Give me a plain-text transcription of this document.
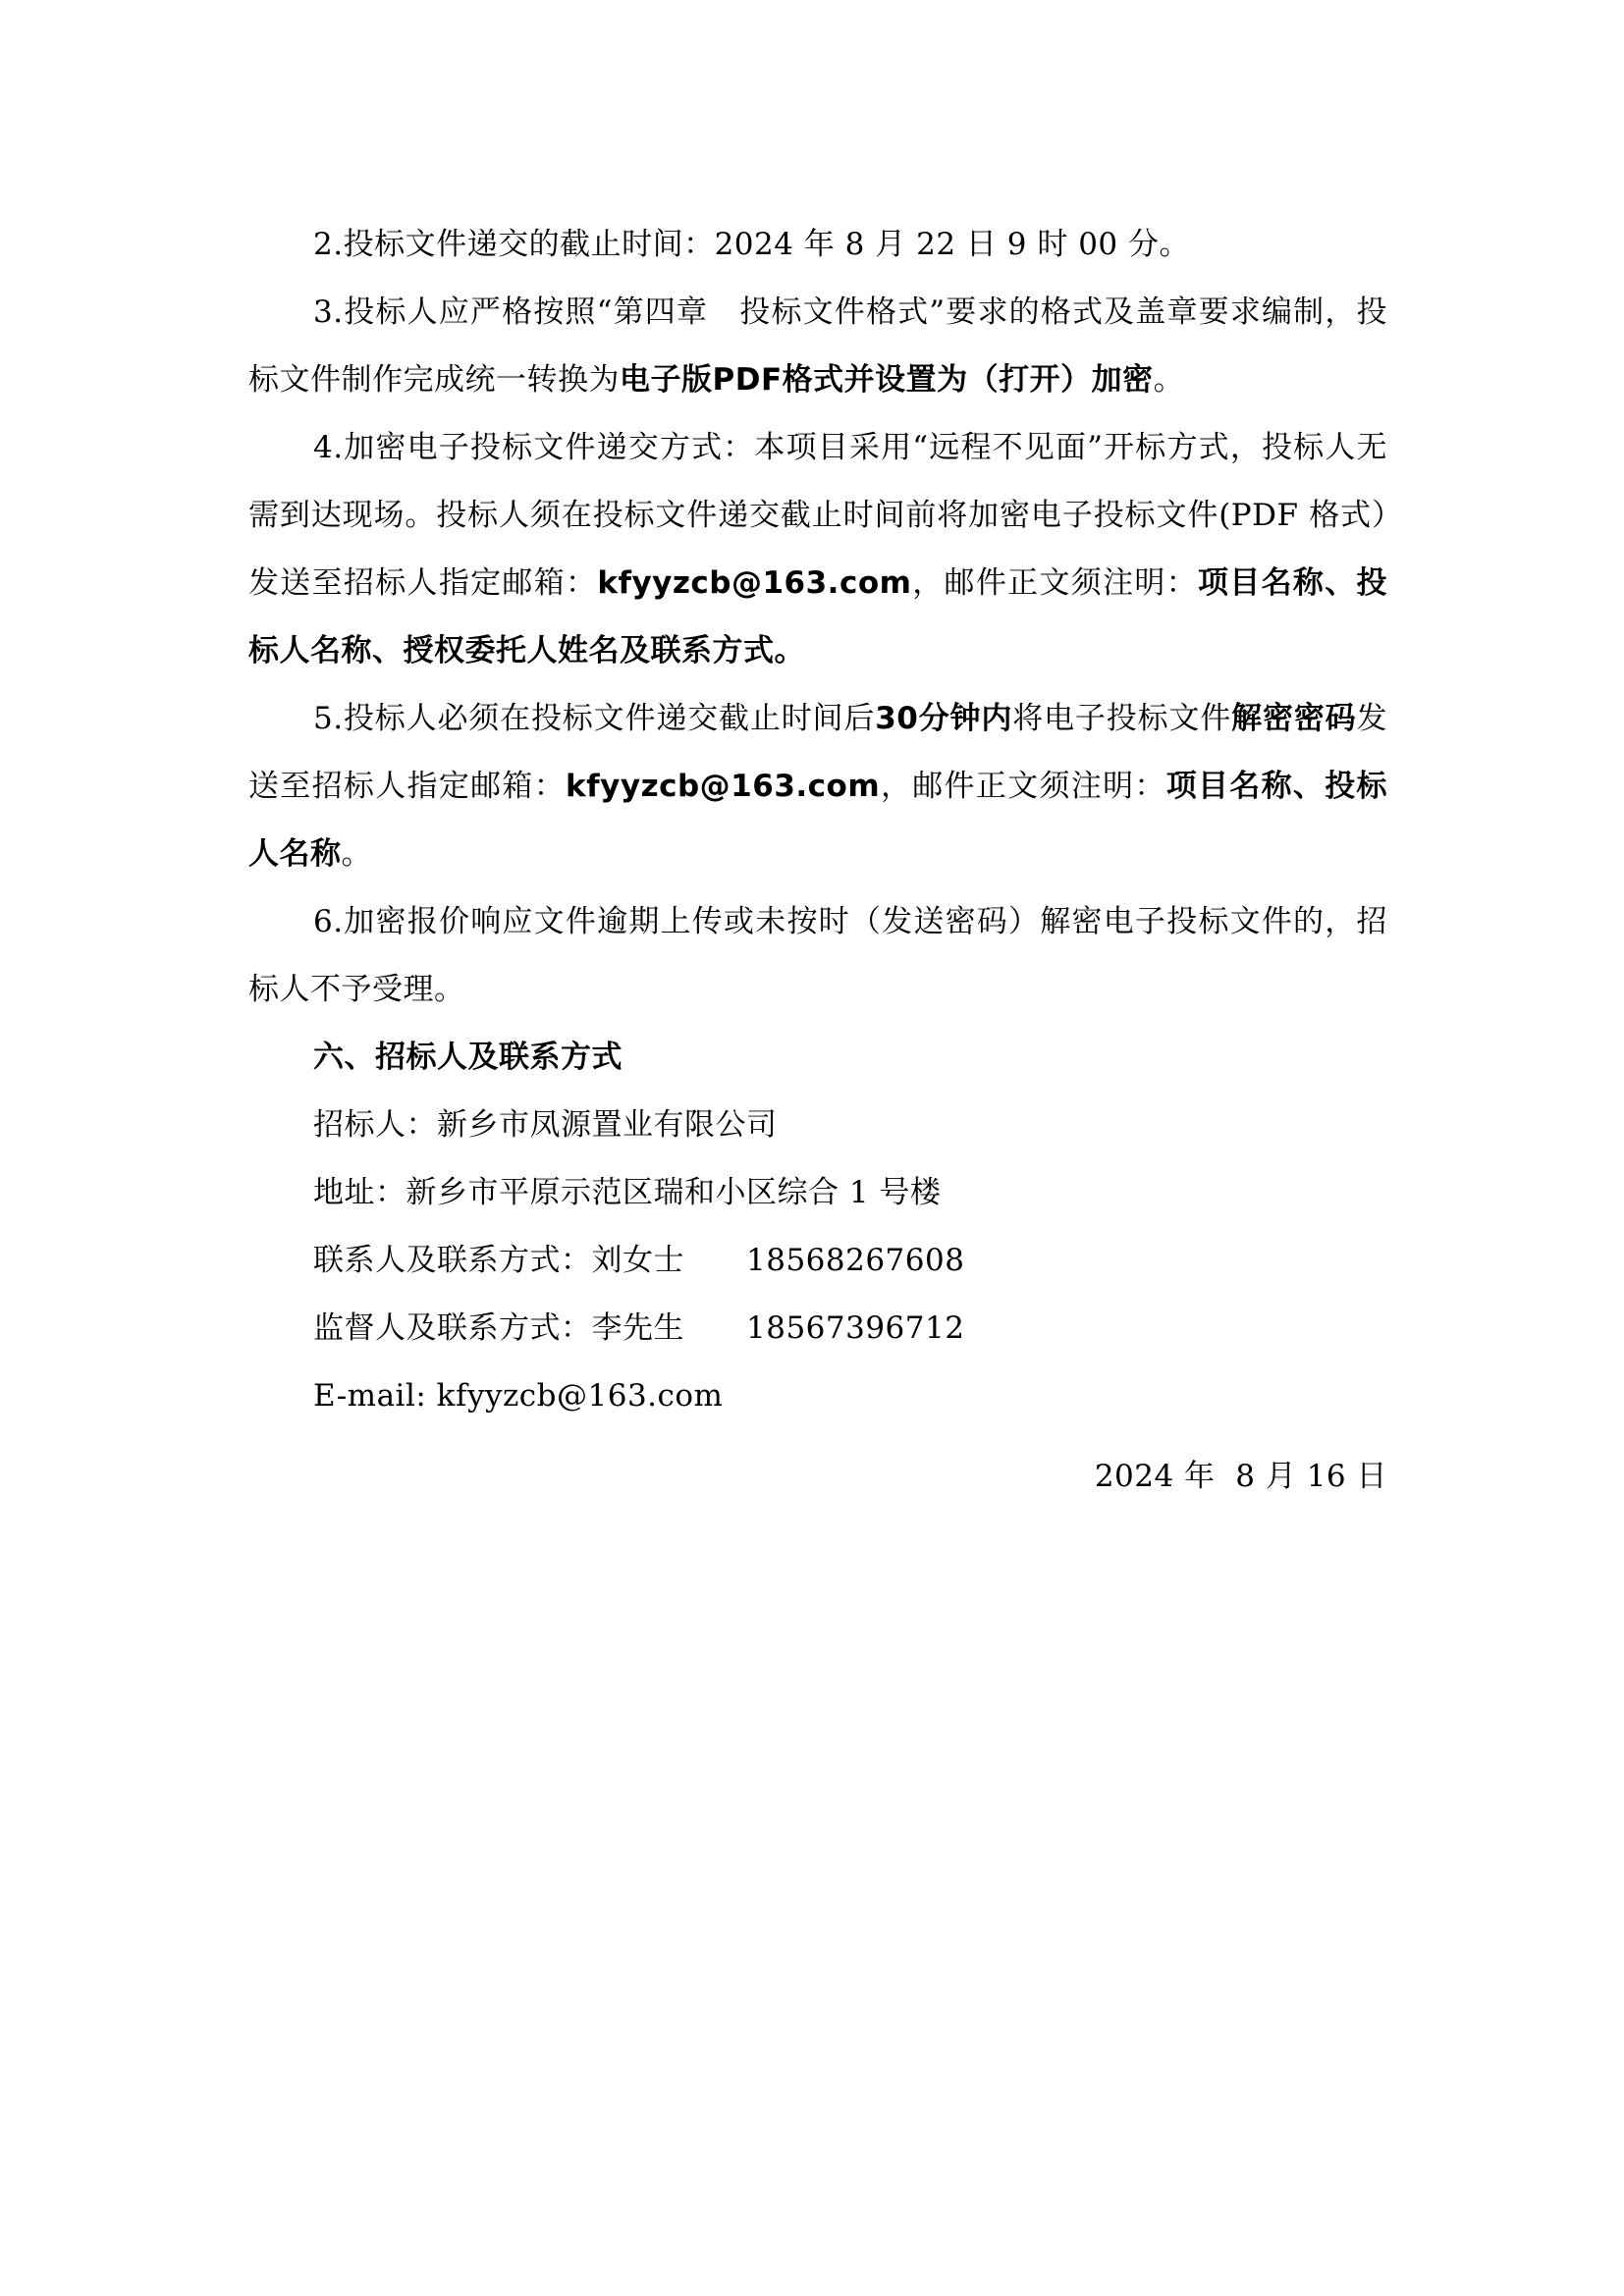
2.投标文件递交的截止时间：2024 年 8 月 22 日 9 时 00 分。

3.投标人应严格按照“第四章　投标文件格式”要求的格式及盖章要求编制，投标文件制作完成统一转换为电子版PDF格式并设置为（打开）加密。

4.加密电子投标文件递交方式：本项目采用“远程不见面”开标方式，投标人无需到达现场。投标人须在投标文件递交截止时间前将加密电子投标文件(PDF 格式）发送至招标人指定邮箱：kfyyzcb@163.com，邮件正文须注明：项目名称、投标人名称、授权委托人姓名及联系方式。

5.投标人必须在投标文件递交截止时间后30分钟内将电子投标文件解密密码发送至招标人指定邮箱：kfyyzcb@163.com，邮件正文须注明：项目名称、投标人名称。

6.加密报价响应文件逾期上传或未按时（发送密码）解密电子投标文件的，招标人不予受理。

六、招标人及联系方式

招标人：新乡市凤源置业有限公司

地址：新乡市平原示范区瑞和小区综合 1 号楼

联系人及联系方式：刘女士　　18568267608

监督人及联系方式：李先生　　18567396712

E-mail: kfyyzcb@163.com

2024 年  8 月 16 日
